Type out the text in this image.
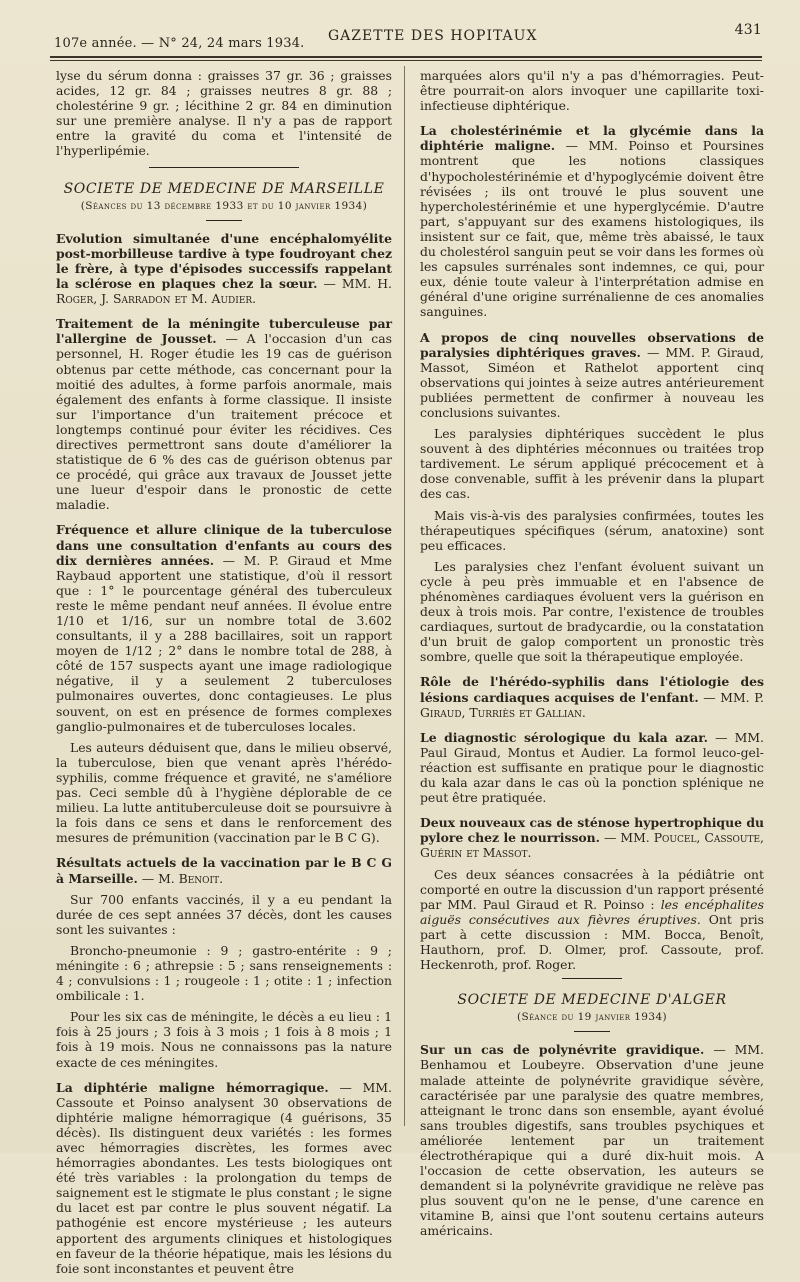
107e année. — N° 24, 24 mars 1934. GAZETTE DES HOPITAUX	431

lyse du sérum donna : graisses 37 gr. 36 ; graisses acides, 12 gr. 84 ; graisses neutres 8 gr. 88 ; cholestérine 9 gr. ; lécithine 2 gr. 84 en diminution sur une première analyse. Il n'y a pas de rapport entre la gravité du coma et l'intensité de l'hyperlipémie.

SOCIETE DE MEDECINE DE MARSEILLE
(Séances du 13 décembre 1933 et du 10 janvier 1934)

Evolution simultanée d'une encéphalomyélite post-morbilleuse tardive à type foudroyant chez le frère, à type d'épisodes successifs rappelant la sclérose en plaques chez la sœur. — MM. H. Roger, J. Sarradon et M. Audier.

Traitement de la méningite tuberculeuse par l'allergine de Jousset. — A l'occasion d'un cas personnel, H. Roger étudie les 19 cas de guérison obtenus par cette méthode, cas concernant pour la moitié des adultes, à forme parfois anormale, mais également des enfants à forme classique. Il insiste sur l'importance d'un traitement précoce et longtemps continué pour éviter les récidives. Ces directives permettront sans doute d'améliorer la statistique de 6 % des cas de guérison obtenus par ce procédé, qui grâce aux travaux de Jousset jette une lueur d'espoir dans le pronostic de cette maladie.

Fréquence et allure clinique de la tuberculose dans une consultation d'enfants au cours des dix dernières années. — M. P. Giraud et Mme Raybaud apportent une statistique, d'où il ressort que : 1° le pourcentage général des tuberculeux reste le même pendant neuf années. Il évolue entre 1/10 et 1/16, sur un nombre total de 3.602 consultants, il y a 288 bacillaires, soit un rapport moyen de 1/12 ; 2° dans le nombre total de 288, à côté de 157 suspects ayant une image radiologique négative, il y a seulement 2 tuberculoses pulmonaires ouvertes, donc contagieuses. Le plus souvent, on est en présence de formes complexes ganglio-pulmonaires et de tuberculoses locales.

Les auteurs déduisent que, dans le milieu observé, la tuberculose, bien que venant après l'hérédo-syphilis, comme fréquence et gravité, ne s'améliore pas. Ceci semble dû à l'hygiène déplorable de ce milieu. La lutte antituberculeuse doit se poursuivre à la fois dans ce sens et dans le renforcement des mesures de prémunition (vaccination par le B C G).

Résultats actuels de la vaccination par le B C G à Marseille. — M. Benoit.

Sur 700 enfants vaccinés, il y a eu pendant la durée de ces sept années 37 décès, dont les causes sont les suivantes :

Broncho-pneumonie : 9 ; gastro-entérite : 9 ; méningite : 6 ; athrepsie : 5 ; sans renseignements : 4 ; convulsions : 1 ; rougeole : 1 ; otite : 1 ; infection ombilicale : 1.

Pour les six cas de méningite, le décès a eu lieu : 1 fois à 25 jours ; 3 fois à 3 mois ; 1 fois à 8 mois ; 1 fois à 19 mois. Nous ne connaissons pas la nature exacte de ces méningites.

La diphtérie maligne hémorragique. — MM. Cassoute et Poinso analysent 30 observations de diphtérie maligne hémorragique (4 guérisons, 35 décès). Ils distinguent deux variétés : les formes avec hémorragies discrètes, les formes avec hémorragies abondantes. Les tests biologiques ont été très variables : la prolongation du temps de saignement est le stigmate le plus constant ; le signe du lacet est par contre le plus souvent négatif. La pathogénie est encore mystérieuse ; les auteurs apportent des arguments cliniques et histologiques en faveur de la théorie hépatique, mais les lésions du foie sont inconstantes et peuvent être

marquées alors qu'il n'y a pas d'hémorragies. Peut-être pourrait-on alors invoquer une capillarite toxi-infectieuse diphtérique.

La cholestérinémie et la glycémie dans la diphtérie maligne. — MM. Poinso et Poursines montrent que les notions classiques d'hypocholestérinémie et d'hypoglycémie doivent être révisées ; ils ont trouvé le plus souvent une hypercholestérinémie et une hyperglycémie. D'autre part, s'appuyant sur des examens histologiques, ils insistent sur ce fait, que, même très abaissé, le taux du cholestérol sanguin peut se voir dans les formes où les capsules surrénales sont indemnes, ce qui, pour eux, dénie toute valeur à l'interprétation admise en général d'une origine surrénalienne de ces anomalies sanguines.

A propos de cinq nouvelles observations de paralysies diphtériques graves. — MM. P. Giraud, Massot, Siméon et Rathelot apportent cinq observations qui jointes à seize autres antérieurement publiées permettent de confirmer à nouveau les conclusions suivantes.

Les paralysies diphtériques succèdent le plus souvent à des diphtéries méconnues ou traitées trop tardivement. Le sérum appliqué précocement et à dose convenable, suffit à les prévenir dans la plupart des cas.

Mais vis-à-vis des paralysies confirmées, toutes les thérapeutiques spécifiques (sérum, anatoxine) sont peu efficaces.

Les paralysies chez l'enfant évoluent suivant un cycle à peu près immuable et en l'absence de phénomènes cardiaques évoluent vers la guérison en deux à trois mois. Par contre, l'existence de troubles cardiaques, surtout de bradycardie, ou la constatation d'un bruit de galop comportent un pronostic très sombre, quelle que soit la thérapeutique employée.

Rôle de l'hérédo-syphilis dans l'étiologie des lésions cardiaques acquises de l'enfant. — MM. P. Giraud, Turriès et Gallian.

Le diagnostic sérologique du kala azar. — MM. Paul Giraud, Montus et Audier. La formol leuco-gel-réaction est suffisante en pratique pour le diagnostic du kala azar dans le cas où la ponction splénique ne peut être pratiquée.

Deux nouveaux cas de sténose hypertrophique du pylore chez le nourrisson. — MM. Poucel, Cassoute, Guérin et Massot.

Ces deux séances consacrées à la pédiâtrie ont comporté en outre la discussion d'un rapport présenté par MM. Paul Giraud et R. Poinso : les encéphalites aiguës consécutives aux fièvres éruptives. Ont pris part à cette discussion : MM. Bocca, Benoît, Hauthorn, prof. D. Olmer, prof. Cassoute, prof. Heckenroth, prof. Roger.

SOCIETE DE MEDECINE D'ALGER
(Séance du 19 janvier 1934)

Sur un cas de polynévrite gravidique. — MM. Benhamou et Loubeyre. Observation d'une jeune malade atteinte de polynévrite gravidique sévère, caractérisée par une paralysie des quatre membres, atteignant le tronc dans son ensemble, ayant évolué sans troubles digestifs, sans troubles psychiques et améliorée lentement par un traitement électrothérapique qui a duré dix-huit mois. A l'occasion de cette observation, les auteurs se demandent si la polynévrite gravidique ne relève pas plus souvent qu'on ne le pense, d'une carence en vitamine B, ainsi que l'ont soutenu certains auteurs américains.
